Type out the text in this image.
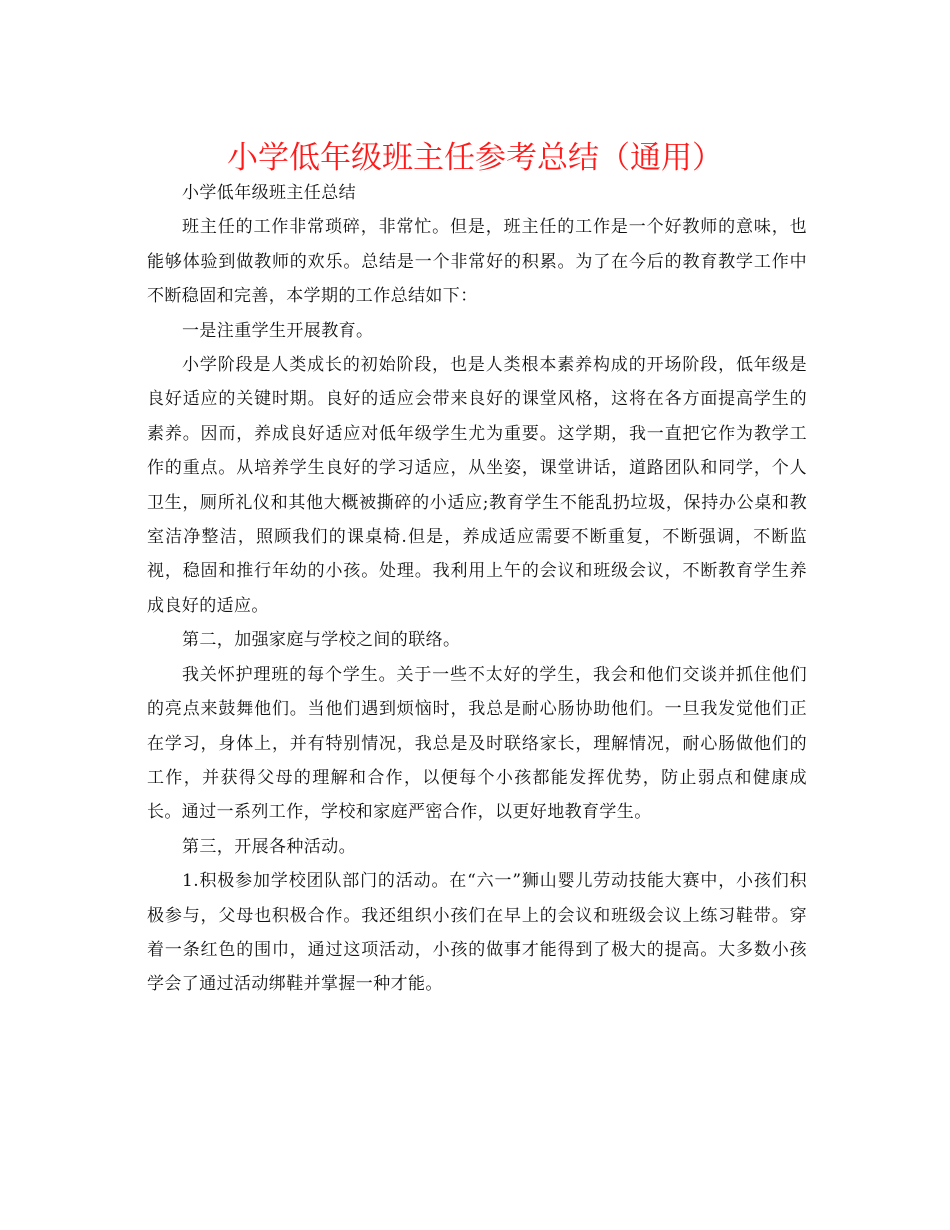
小学低年级班主任参考总结（通用）

小学低年级班主任总结

班主任的工作非常琐碎，非常忙。但是，班主任的工作是一个好教师的意味，也能够体验到做教师的欢乐。总结是一个非常好的积累。为了在今后的教育教学工作中不断稳固和完善，本学期的工作总结如下：

一是注重学生开展教育。

小学阶段是人类成长的初始阶段，也是人类根本素养构成的开场阶段，低年级是良好适应的关键时期。良好的适应会带来良好的课堂风格，这将在各方面提高学生的素养。因而，养成良好适应对低年级学生尤为重要。这学期，我一直把它作为教学工作的重点。从培养学生良好的学习适应，从坐姿，课堂讲话，道路团队和同学，个人卫生，厕所礼仪和其他大概被撕碎的小适应;教育学生不能乱扔垃圾，保持办公桌和教室洁净整洁，照顾我们的课桌椅.但是，养成适应需要不断重复，不断强调，不断监视，稳固和推行年幼的小孩。处理。我利用上午的会议和班级会议，不断教育学生养成良好的适应。

第二，加强家庭与学校之间的联络。

我关怀护理班的每个学生。关于一些不太好的学生，我会和他们交谈并抓住他们的亮点来鼓舞他们。当他们遇到烦恼时，我总是耐心肠协助他们。一旦我发觉他们正在学习，身体上，并有特别情况，我总是及时联络家长，理解情况，耐心肠做他们的工作，并获得父母的理解和合作，以便每个小孩都能发挥优势，防止弱点和健康成长。通过一系列工作，学校和家庭严密合作，以更好地教育学生。

第三，开展各种活动。

1.积极参加学校团队部门的活动。在“六一”狮山婴儿劳动技能大赛中，小孩们积极参与，父母也积极合作。我还组织小孩们在早上的会议和班级会议上练习鞋带。穿着一条红色的围巾，通过这项活动，小孩的做事才能得到了极大的提高。大多数小孩学会了通过活动绑鞋并掌握一种才能。
